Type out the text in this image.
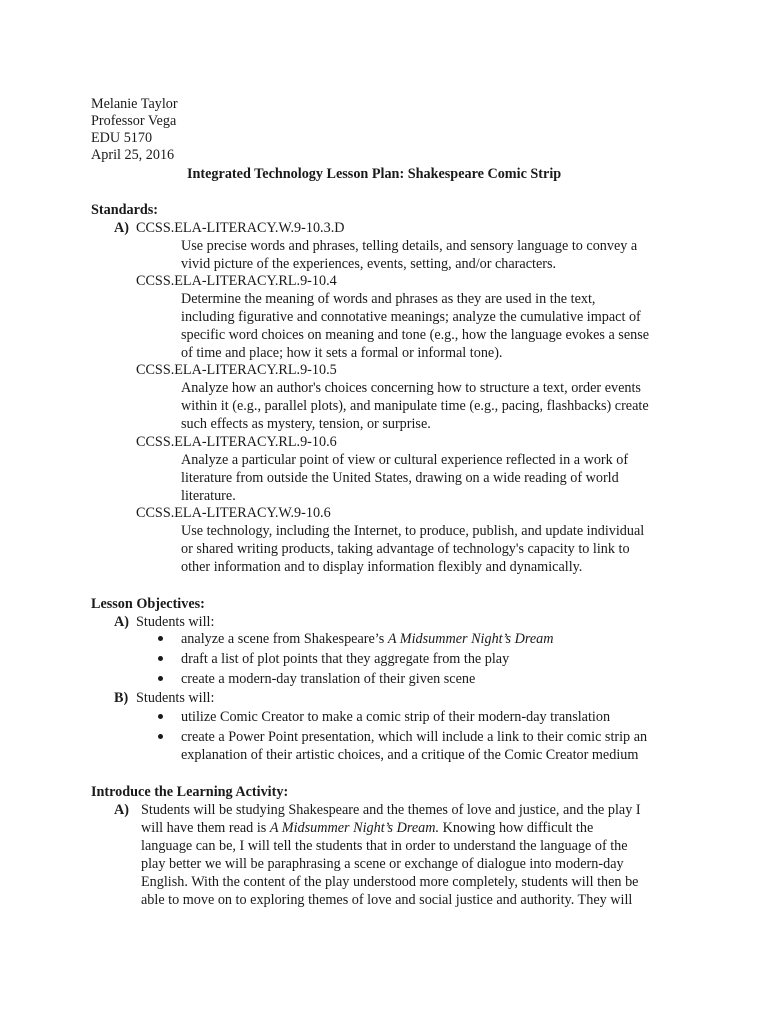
Melanie Taylor
Professor Vega
EDU 5170
April 25, 2016
Integrated Technology Lesson Plan: Shakespeare Comic Strip
Standards:
A) CCSS.ELA-LITERACY.W.9-10.3.D
Use precise words and phrases, telling details, and sensory language to convey a
vivid picture of the experiences, events, setting, and/or characters.
CCSS.ELA-LITERACY.RL.9-10.4
Determine the meaning of words and phrases as they are used in the text,
including figurative and connotative meanings; analyze the cumulative impact of
specific word choices on meaning and tone (e.g., how the language evokes a sense
of time and place; how it sets a formal or informal tone).
CCSS.ELA-LITERACY.RL.9-10.5
Analyze how an author's choices concerning how to structure a text, order events
within it (e.g., parallel plots), and manipulate time (e.g., pacing, flashbacks) create
such effects as mystery, tension, or surprise.
CCSS.ELA-LITERACY.RL.9-10.6
Analyze a particular point of view or cultural experience reflected in a work of
literature from outside the United States, drawing on a wide reading of world
literature.
CCSS.ELA-LITERACY.W.9-10.6
Use technology, including the Internet, to produce, publish, and update individual
or shared writing products, taking advantage of technology's capacity to link to
other information and to display information flexibly and dynamically.
Lesson Objectives:
A) Students will:
analyze a scene from Shakespeare’s A Midsummer Night’s Dream
draft a list of plot points that they aggregate from the play
create a modern-day translation of their given scene
B) Students will:
utilize Comic Creator to make a comic strip of their modern-day translation
create a Power Point presentation, which will include a link to their comic strip an
explanation of their artistic choices, and a critique of the Comic Creator medium
Introduce the Learning Activity:
A) Students will be studying Shakespeare and the themes of love and justice, and the play I
will have them read is A Midsummer Night’s Dream. Knowing how difficult the
language can be, I will tell the students that in order to understand the language of the
play better we will be paraphrasing a scene or exchange of dialogue into modern-day
English. With the content of the play understood more completely, students will then be
able to move on to exploring themes of love and social justice and authority. They will
